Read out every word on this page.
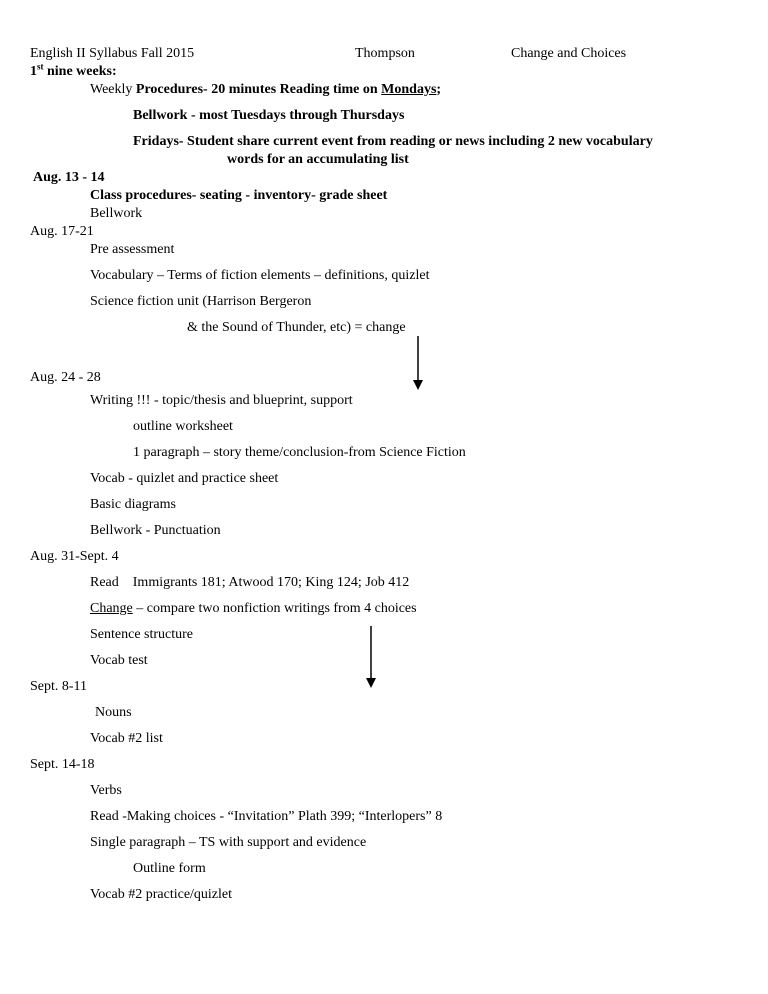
English II Syllabus Fall 2015	Thompson	Change and Choices
1st nine weeks:
Weekly Procedures- 20 minutes Reading time on Mondays;
Bellwork - most Tuesdays through Thursdays
Fridays- Student share current event from reading or news including 2 new vocabulary
words for an accumulating list
Aug. 13 - 14
Class procedures- seating - inventory- grade sheet
Bellwork
Aug. 17-21
Pre assessment
Vocabulary – Terms of fiction elements – definitions, quizlet
Science fiction unit (Harrison Bergeron
& the Sound of Thunder, etc) = change
Aug. 24 - 28
Writing !!! - topic/thesis and blueprint, support
outline worksheet
1 paragraph – story theme/conclusion-from Science Fiction
Vocab - quizlet and practice sheet
Basic diagrams
Bellwork - Punctuation
Aug. 31-Sept. 4
Read    Immigrants 181; Atwood 170; King 124; Job 412
Change – compare two nonfiction writings from 4 choices
Sentence structure
Vocab test
Sept. 8-11
Nouns
Vocab #2 list
Sept. 14-18
Verbs
Read -Making choices - “Invitation” Plath 399; “Interlopers” 8
Single paragraph – TS with support and evidence
Outline form
Vocab #2 practice/quizlet
